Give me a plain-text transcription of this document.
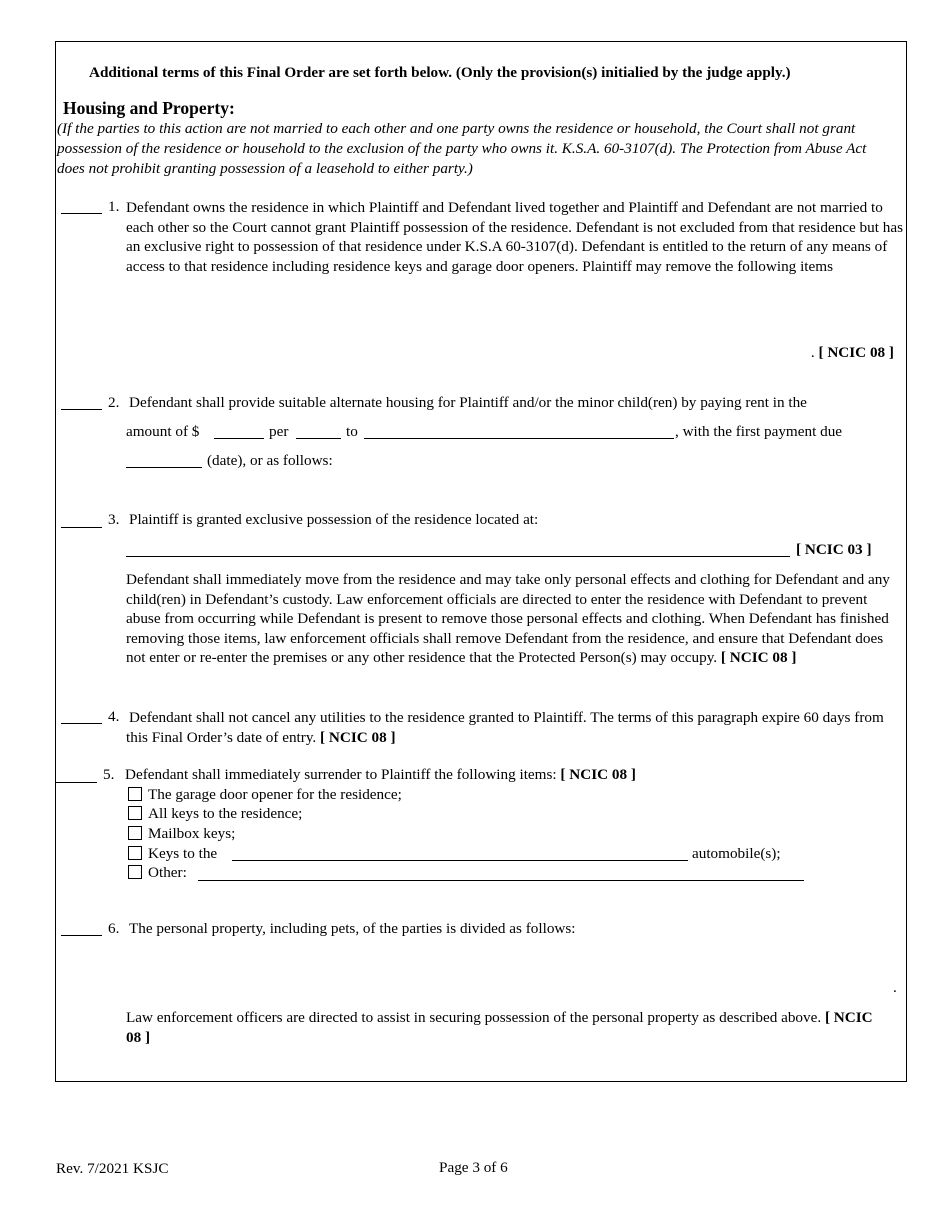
Additional terms of this Final Order are set forth below. (Only the provision(s) initialied by the judge apply.)
Housing and Property:
(If the parties to this action are not married to each other and one party owns the residence or household, the Court shall not grant possession of the residence or household to the exclusion of the party who owns it. K.S.A. 60-3107(d). The Protection from Abuse Act does not prohibit granting possession of a leasehold to either party.)
1. Defendant owns the residence in which Plaintiff and Defendant lived together and Plaintiff and Defendant are not married to each other so the Court cannot grant Plaintiff possession of the residence. Defendant is not excluded from that residence but has an exclusive right to possession of that residence under K.S.A 60-3107(d). Defendant is entitled to the return of any means of access to that residence including residence keys and garage door openers. Plaintiff may remove the following items
. [ NCIC 08 ]
2. Defendant shall provide suitable alternate housing for Plaintiff and/or the minor child(ren) by paying rent in the
amount of $	per	to	, with the first payment due
(date), or as follows:
3. Plaintiff is granted exclusive possession of the residence located at:
[ NCIC 03 ]
Defendant shall immediately move from the residence and may take only personal effects and clothing for Defendant and any child(ren) in Defendant’s custody. Law enforcement officials are directed to enter the residence with Defendant to prevent abuse from occurring while Defendant is present to remove those personal effects and clothing. When Defendant has finished removing those items, law enforcement officials shall remove Defendant from the residence, and ensure that Defendant does not enter or re-enter the premises or any other residence that the Protected Person(s) may occupy. [ NCIC 08 ]
4. Defendant shall not cancel any utilities to the residence granted to Plaintiff. The terms of this paragraph expire 60 days from this Final Order’s date of entry. [ NCIC 08 ]
5. Defendant shall immediately surrender to Plaintiff the following items: [ NCIC 08 ]
The garage door opener for the residence;
All keys to the residence;
Mailbox keys;
Keys to the	automobile(s);
Other:
6. The personal property, including pets, of the parties is divided as follows:
.
Law enforcement officers are directed to assist in securing possession of the personal property as described above. [ NCIC 08 ]
Rev. 7/2021 KSJC	Page 3 of 6
